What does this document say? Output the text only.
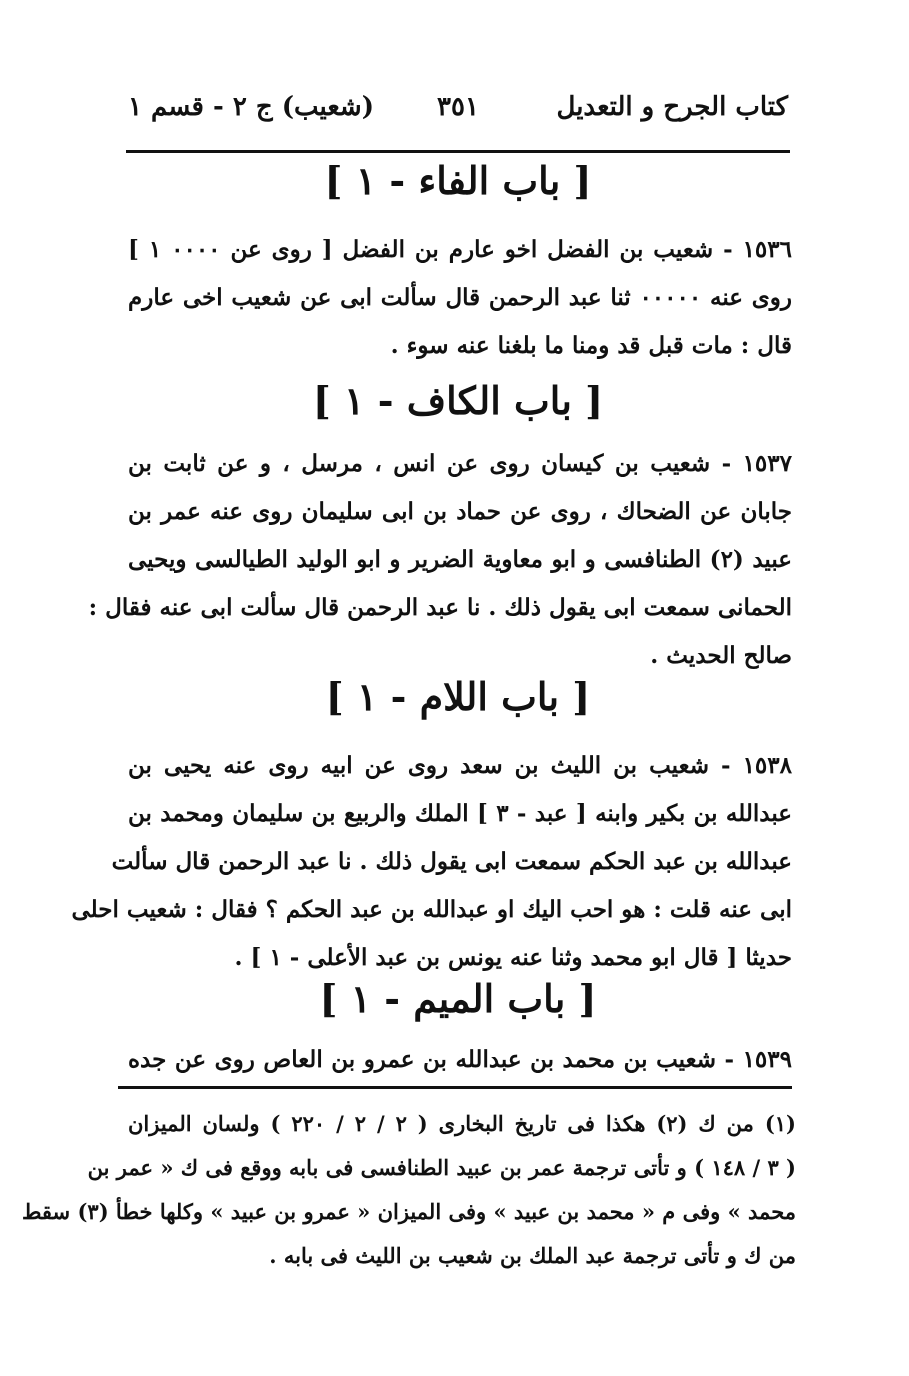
كتاب الجرح و التعديل
٣٥١
(شعيب) ج ٢ - قسم ١
[ باب الفاء - ١ ]
١٥٣٦ - شعيب بن الفضل اخو عارم بن الفضل [ روى عن ٠٠٠٠ ١ ]
روى عنه ٠٠٠٠٠ ثنا عبد الرحمن قال سألت ابى عن شعيب اخى عارم
قال : مات قبل قد ومنا ما بلغنا عنه سوء .
[ باب الكاف - ١ ]
١٥٣٧ - شعيب بن كيسان روى عن انس ، مرسل ، و عن ثابت بن
جابان عن الضحاك ، روى عن حماد بن ابى سليمان روى عنه عمر بن
عبيد (٢) الطنافسى و ابو معاوية الضرير و ابو الوليد الطيالسى ويحيى
الحمانى سمعت ابى يقول ذلك . نا عبد الرحمن قال سألت ابى عنه فقال :
صالح الحديث .
[ باب اللام - ١ ]
١٥٣٨ - شعيب بن الليث بن سعد روى عن ابيه روى عنه يحيى بن
عبدالله بن بكير وابنه [ عبد - ٣ ] الملك والربيع بن سليمان ومحمد بن
عبدالله بن عبد الحكم سمعت ابى يقول ذلك . نا عبد الرحمن قال سألت
ابى عنه قلت : هو احب اليك او عبدالله بن عبد الحكم ؟ فقال : شعيب احلى
حديثا [ قال ابو محمد وثنا عنه يونس بن عبد الأعلى - ١ ] .
[ باب الميم - ١ ]
١٥٣٩ - شعيب بن محمد بن عبدالله بن عمرو بن العاص روى عن جده
(١) من ك (٢) هكذا فى تاريخ البخارى ( ٢ / ٢ / ٢٢٠ ) ولسان الميزان
( ٣ / ١٤٨ ) و تأتى ترجمة عمر بن عبيد الطنافسى فى بابه ووقع فى ك « عمر بن
محمد » وفى م « محمد بن عبيد » وفى الميزان « عمرو بن عبيد » وكلها خطأ (٣) سقط
من ك و تأتى ترجمة عبد الملك بن شعيب بن الليث فى بابه .
